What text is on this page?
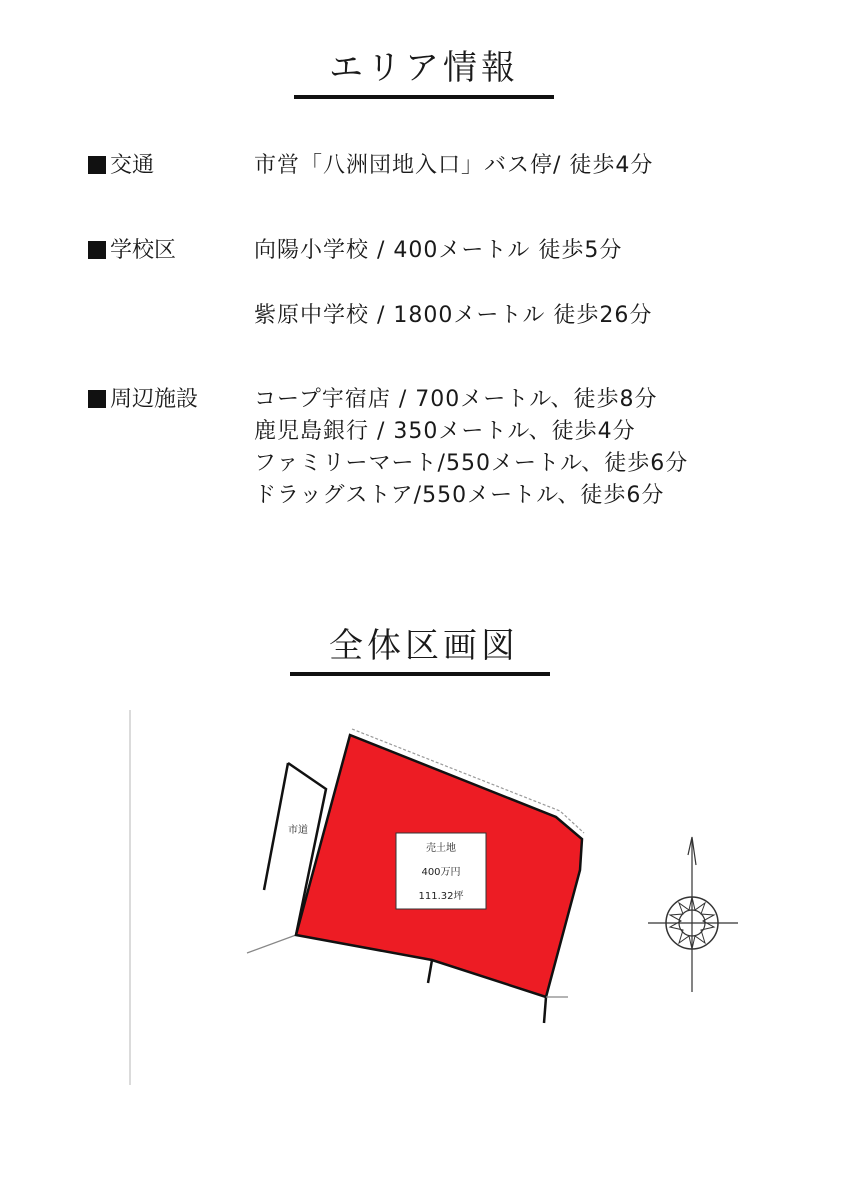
エリア情報
交通	市営「八洲団地入口」バス停/ 徒歩4分
学校区	向陽小学校 / 400メートル 徒歩5分
紫原中学校 / 1800メートル 徒歩26分
周辺施設	コープ宇宿店 / 700メートル、徒歩8分
鹿児島銀行 / 350メートル、徒歩4分
ファミリーマート/550メートル、徒歩6分
ドラッグストア/550メートル、徒歩6分
全体区画図
市道
売土地
400万円
111.32坪
